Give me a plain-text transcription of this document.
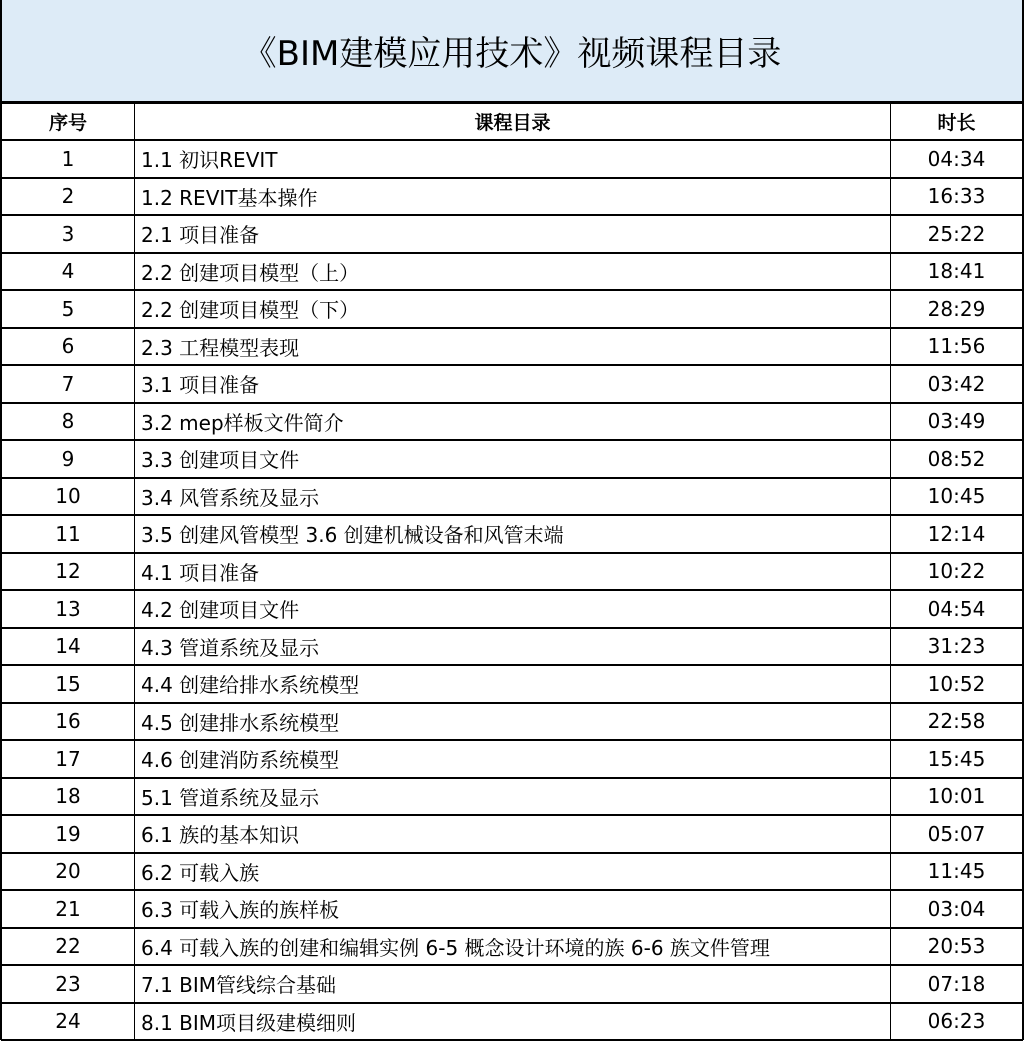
《BIM建模应用技术》视频课程目录
序号	课程目录	时长
1	1.1 初识REVIT	04:34
2	1.2 REVIT基本操作	16:33
3	2.1 项目准备	25:22
4	2.2 创建项目模型（上）	18:41
5	2.2 创建项目模型（下）	28:29
6	2.3 工程模型表现	11:56
7	3.1 项目准备	03:42
8	3.2 mep样板文件简介	03:49
9	3.3 创建项目文件	08:52
10	3.4 风管系统及显示	10:45
11	3.5 创建风管模型 3.6 创建机械设备和风管末端	12:14
12	4.1 项目准备	10:22
13	4.2 创建项目文件	04:54
14	4.3 管道系统及显示	31:23
15	4.4 创建给排水系统模型	10:52
16	4.5 创建排水系统模型	22:58
17	4.6 创建消防系统模型	15:45
18	5.1 管道系统及显示	10:01
19	6.1 族的基本知识	05:07
20	6.2 可载入族	11:45
21	6.3 可载入族的族样板	03:04
22	6.4 可载入族的创建和编辑实例 6-5 概念设计环境的族 6-6 族文件管理	20:53
23	7.1 BIM管线综合基础	07:18
24	8.1 BIM项目级建模细则	06:23
